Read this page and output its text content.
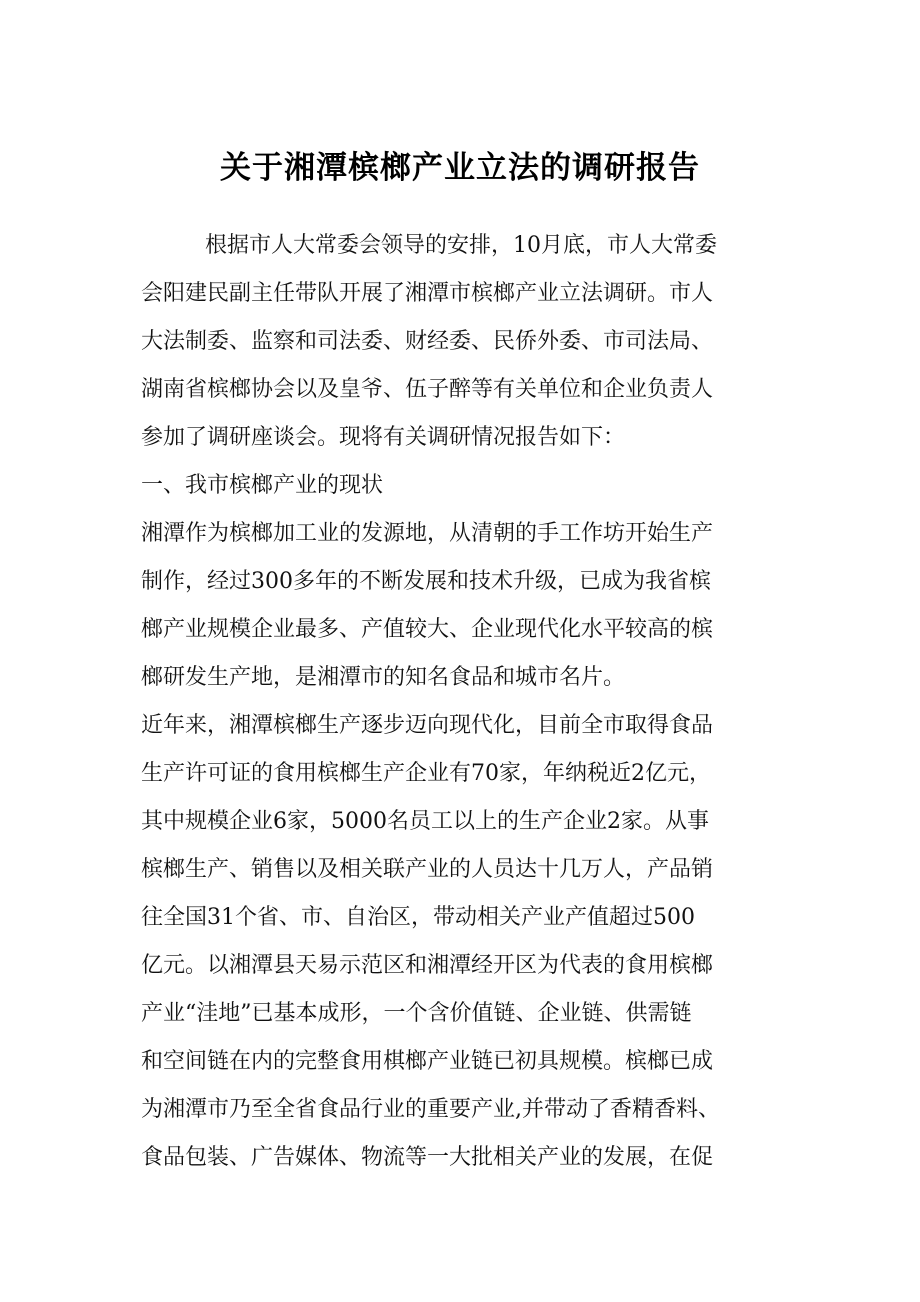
关于湘潭槟榔产业立法的调研报告
根据市人大常委会领导的安排，10月底，市人大常委
会阳建民副主任带队开展了湘潭市槟榔产业立法调研。市人
大法制委、监察和司法委、财经委、民侨外委、市司法局、
湖南省槟榔协会以及皇爷、伍子醉等有关单位和企业负责人
参加了调研座谈会。现将有关调研情况报告如下：
一、我市槟榔产业的现状
湘潭作为槟榔加工业的发源地，从清朝的手工作坊开始生产
制作，经过300多年的不断发展和技术升级，已成为我省槟
榔产业规模企业最多、产值较大、企业现代化水平较高的槟
榔研发生产地，是湘潭市的知名食品和城市名片。
近年来，湘潭槟榔生产逐步迈向现代化，目前全市取得食品
生产许可证的食用槟榔生产企业有70家，年纳税近2亿元，
其中规模企业6家，5000名员工以上的生产企业2家。从事
槟榔生产、销售以及相关联产业的人员达十几万人，产品销
往全国31个省、市、自治区，带动相关产业产值超过500
亿元。以湘潭县天易示范区和湘潭经开区为代表的食用槟榔
产业“洼地”已基本成形，一个含价值链、企业链、供需链
和空间链在内的完整食用棋榔产业链已初具规模。槟榔已成
为湘潭市乃至全省食品行业的重要产业,并带动了香精香料、
食品包装、广告媒体、物流等一大批相关产业的发展，在促
